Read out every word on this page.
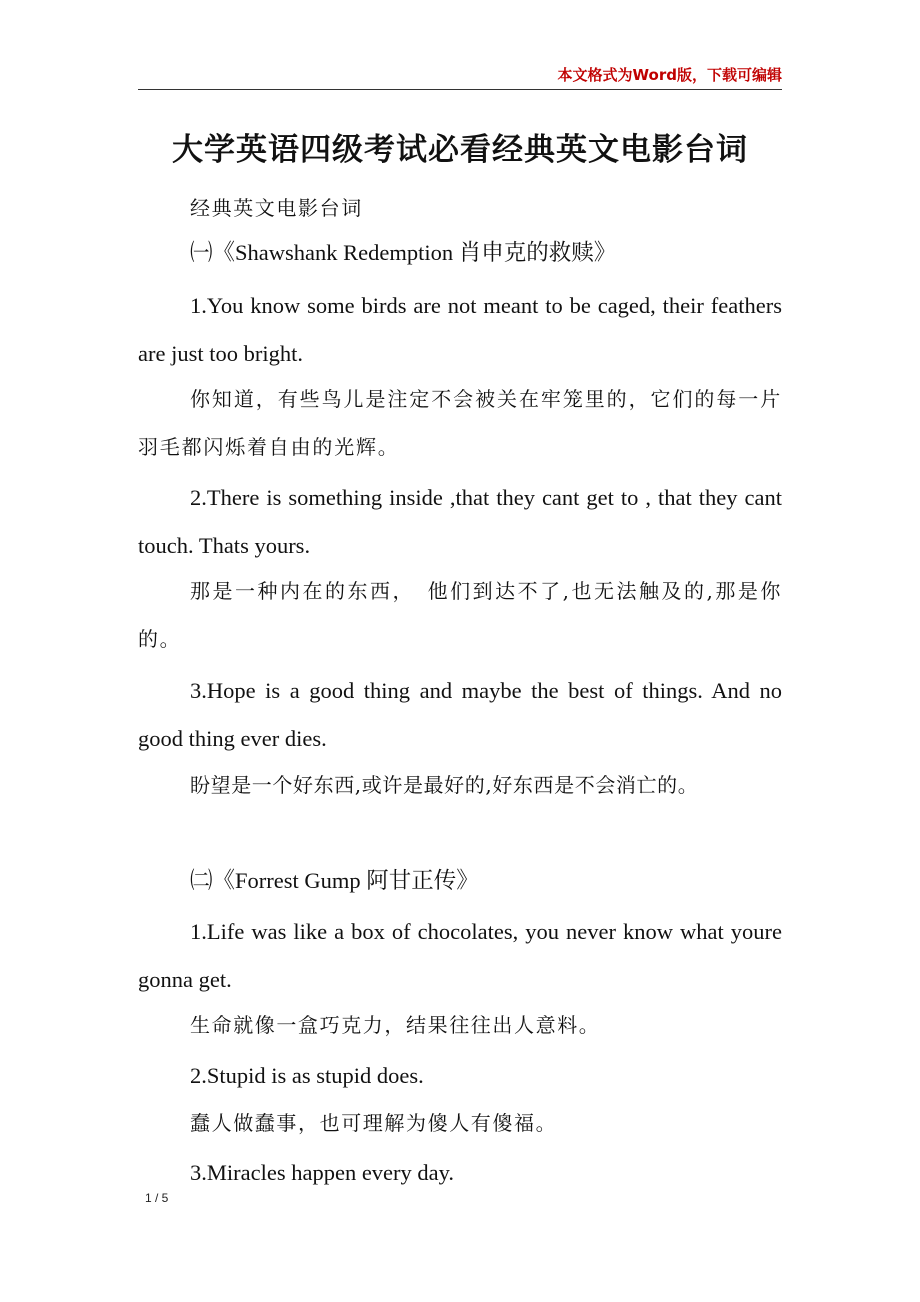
本文格式为Word版，下载可编辑
大学英语四级考试必看经典英文电影台词

经典英文电影台词

㈠《Shawshank Redemption 肖申克的救赎》

1.You know some birds are not meant to be caged, their feathers are just too bright.

你知道，有些鸟儿是注定不会被关在牢笼里的，它们的每一片羽毛都闪烁着自由的光辉。

2.There is something inside ,that they cant get to , that they cant touch. Thats yours.

那是一种内在的东西，　他们到达不了,也无法触及的,那是你的。

3.Hope is a good thing and maybe the best of things. And no good thing ever dies.

盼望是一个好东西,或许是最好的,好东西是不会消亡的。

㈡《Forrest Gump 阿甘正传》

1.Life was like a box of chocolates, you never know what youre gonna get.

生命就像一盒巧克力，结果往往出人意料。

2.Stupid is as stupid does.

蠢人做蠢事，也可理解为傻人有傻福。

3.Miracles happen every day.

1 / 5
